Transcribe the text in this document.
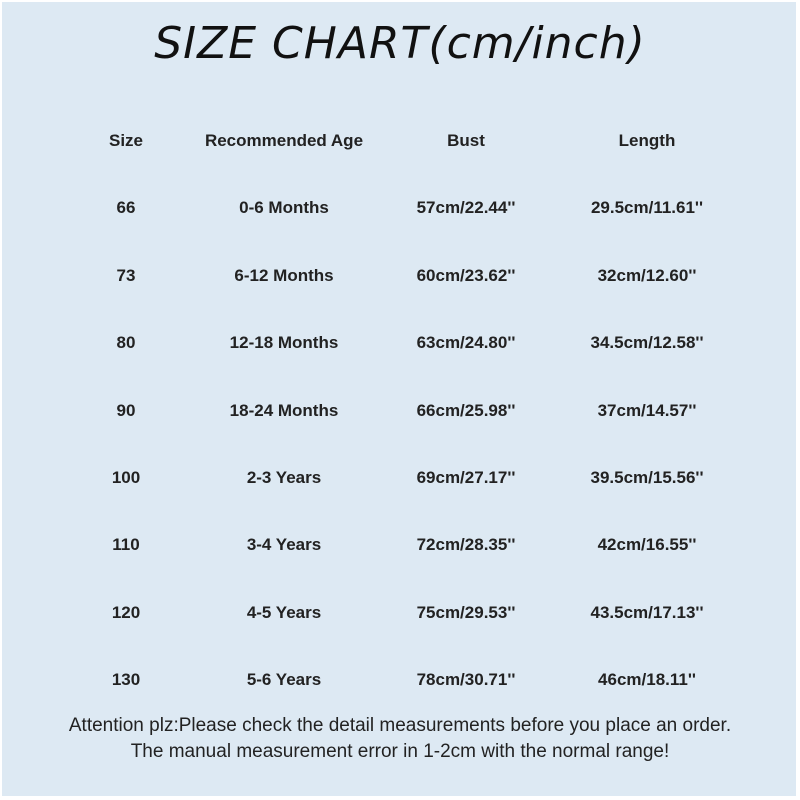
SIZE CHART(cm/inch)
Size	Recommended Age	Bust	Length
66	0-6 Months	57cm/22.44''	29.5cm/11.61''
73	6-12 Months	60cm/23.62''	32cm/12.60''
80	12-18 Months	63cm/24.80''	34.5cm/12.58''
90	18-24 Months	66cm/25.98''	37cm/14.57''
100	2-3 Years	69cm/27.17''	39.5cm/15.56''
110	3-4 Years	72cm/28.35''	42cm/16.55''
120	4-5 Years	75cm/29.53''	43.5cm/17.13''
130	5-6 Years	78cm/30.71''	46cm/18.11''
Attention plz:Please check the detail measurements before you place an order.
The manual measurement error in 1-2cm with the normal range!
